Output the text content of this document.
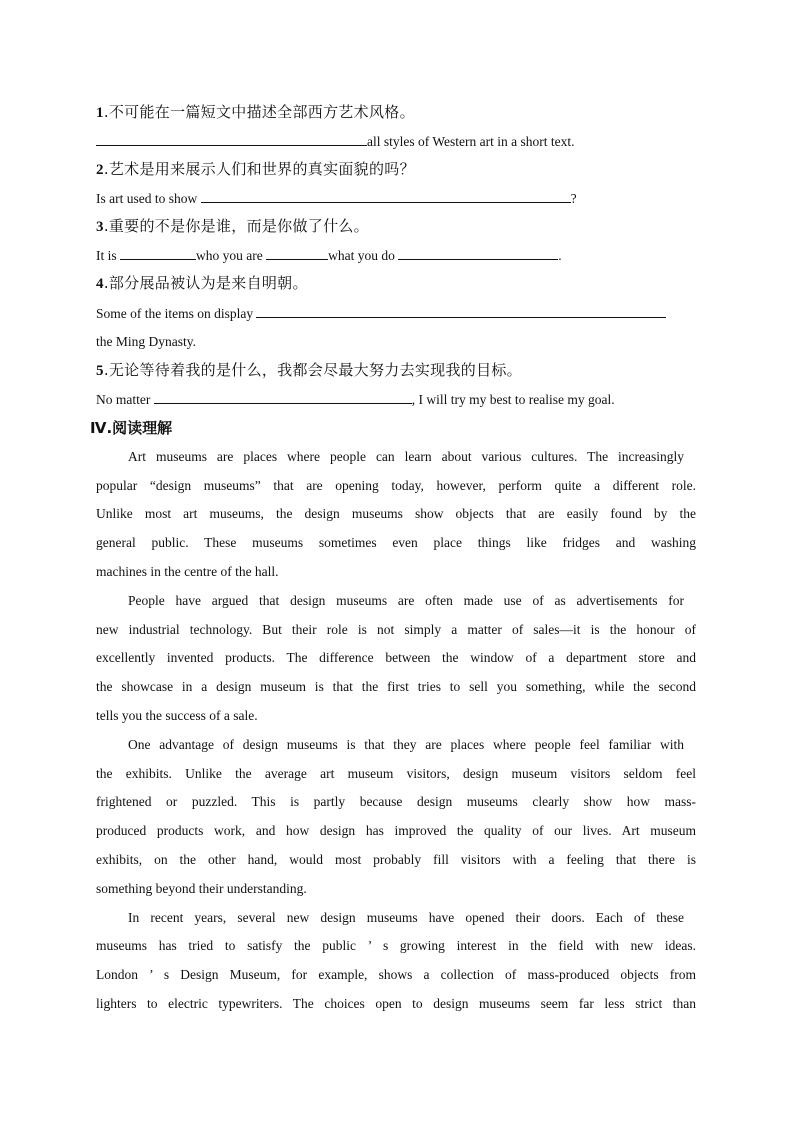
1.不可能在一篇短文中描述全部西方艺术风格。
all styles of Western art in a short text.
2.艺术是用来展示人们和世界的真实面貌的吗？
Is art used to show	?
3.重要的不是你是谁，而是你做了什么。
It is	who you are	what you do	.
4.部分展品被认为是来自明朝。
Some of the items on display
the Ming Dynasty.
5.无论等待着我的是什么，我都会尽最大努力去实现我的目标。
No matter	, I will try my best to realise my goal.
Ⅳ.阅读理解
Art museums are places where people can learn about various cultures. The increasingly
popular “design museums” that are opening today, however, perform quite a different role.
Unlike most art museums, the design museums show objects that are easily found by the
general public. These museums sometimes even place things like fridges and washing
machines in the centre of the hall.
People have argued that design museums are often made use of as advertisements for
new industrial technology. But their role is not simply a matter of sales—it is the honour of
excellently invented products. The difference between the window of a department store and
the showcase in a design museum is that the first tries to sell you something, while the second
tells you the success of a sale.
One advantage of design museums is that they are places where people feel familiar with
the exhibits. Unlike the average art museum visitors, design museum visitors seldom feel
frightened or puzzled. This is partly because design museums clearly show how mass-
produced products work, and how design has improved the quality of our lives. Art museum
exhibits, on the other hand, would most probably fill visitors with a feeling that there is
something beyond their understanding.
In recent years, several new design museums have opened their doors. Each of these
museums has tried to satisfy the public ’ s growing interest in the field with new ideas.
London ’ s Design Museum, for example, shows a collection of mass-produced objects from
lighters to electric typewriters. The choices open to design museums seem far less strict than
